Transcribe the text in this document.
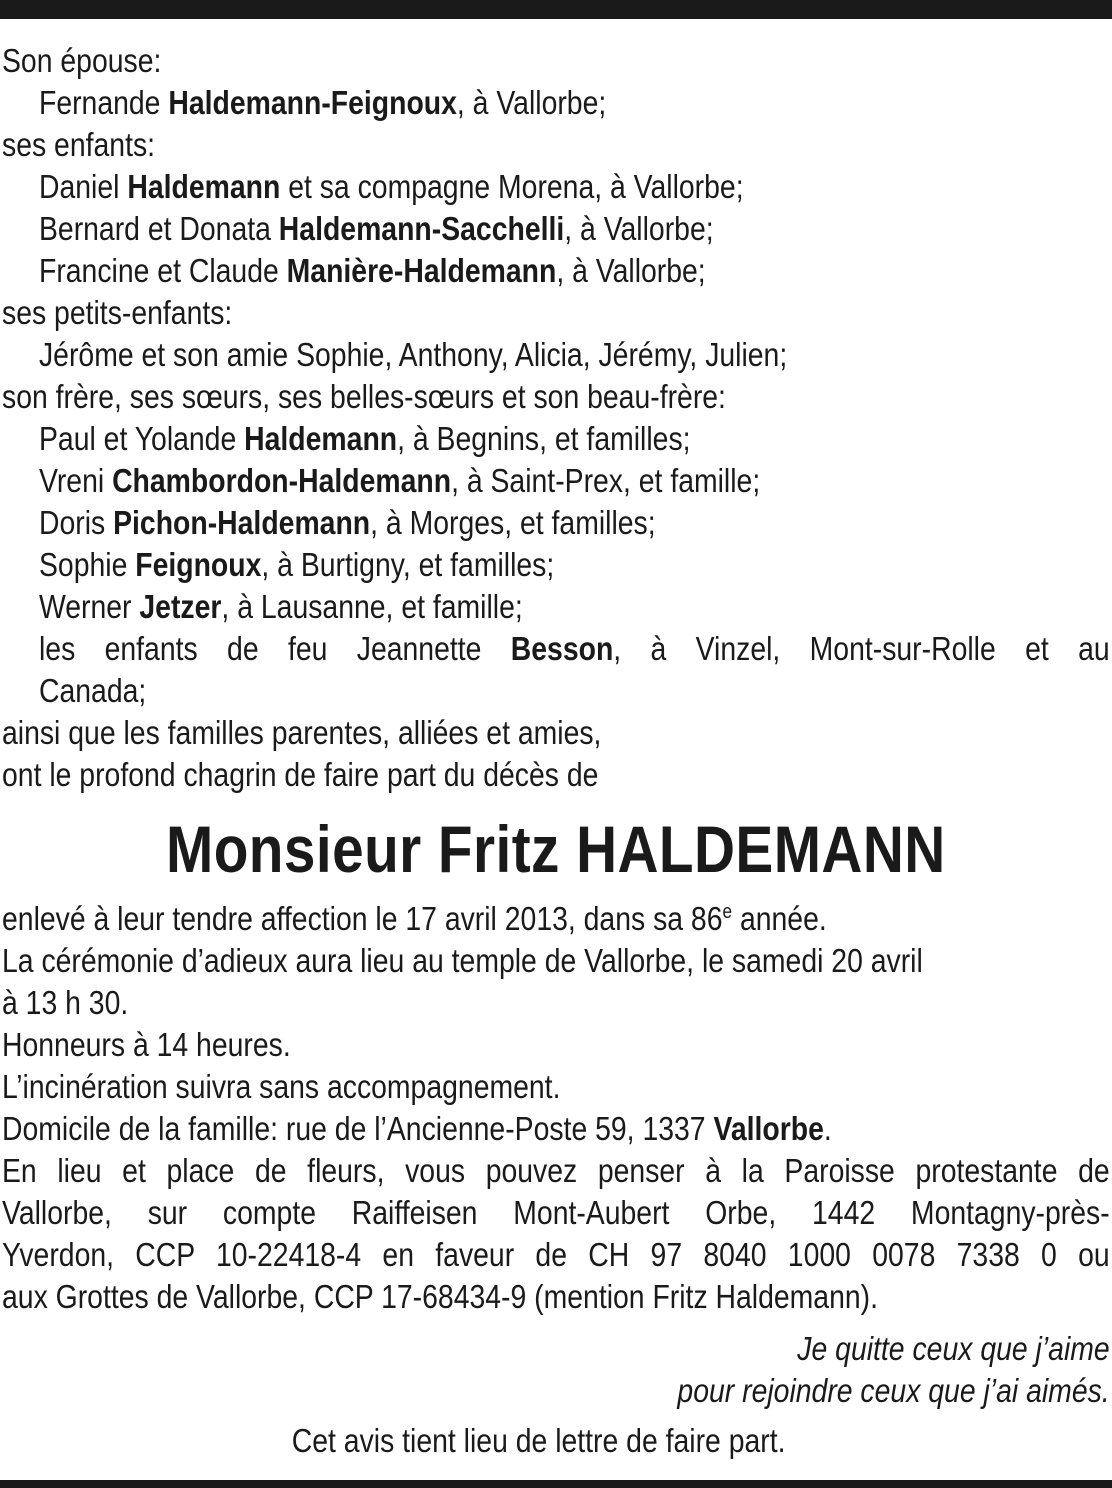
Son épouse:
Fernande Haldemann-Feignoux, à Vallorbe;
ses enfants:
Daniel Haldemann et sa compagne Morena, à Vallorbe;
Bernard et Donata Haldemann-Sacchelli, à Vallorbe;
Francine et Claude Manière-Haldemann, à Vallorbe;
ses petits-enfants:
Jérôme et son amie Sophie, Anthony, Alicia, Jérémy, Julien;
son frère, ses sœurs, ses belles-sœurs et son beau-frère:
Paul et Yolande Haldemann, à Begnins, et familles;
Vreni Chambordon-Haldemann, à Saint-Prex, et famille;
Doris Pichon-Haldemann, à Morges, et familles;
Sophie Feignoux, à Burtigny, et familles;
Werner Jetzer, à Lausanne, et famille;
les enfants de feu Jeannette Besson, à Vinzel, Mont-sur-Rolle et au
Canada;
ainsi que les familles parentes, alliées et amies,
ont le profond chagrin de faire part du décès de
Monsieur Fritz HALDEMANN
enlevé à leur tendre affection le 17 avril 2013, dans sa 86e année.
La cérémonie d’adieux aura lieu au temple de Vallorbe, le samedi 20 avril
à 13 h 30.
Honneurs à 14 heures.
L’incinération suivra sans accompagnement.
Domicile de la famille: rue de l’Ancienne-Poste 59, 1337 Vallorbe.
En lieu et place de fleurs, vous pouvez penser à la Paroisse protestante de
Vallorbe, sur compte Raiffeisen Mont-Aubert Orbe, 1442 Montagny-près-
Yverdon, CCP 10-22418-4 en faveur de CH 97 8040 1000 0078 7338 0 ou
aux Grottes de Vallorbe, CCP 17-68434-9 (mention Fritz Haldemann).
Je quitte ceux que j’aime
pour rejoindre ceux que j’ai aimés.
Cet avis tient lieu de lettre de faire part.
